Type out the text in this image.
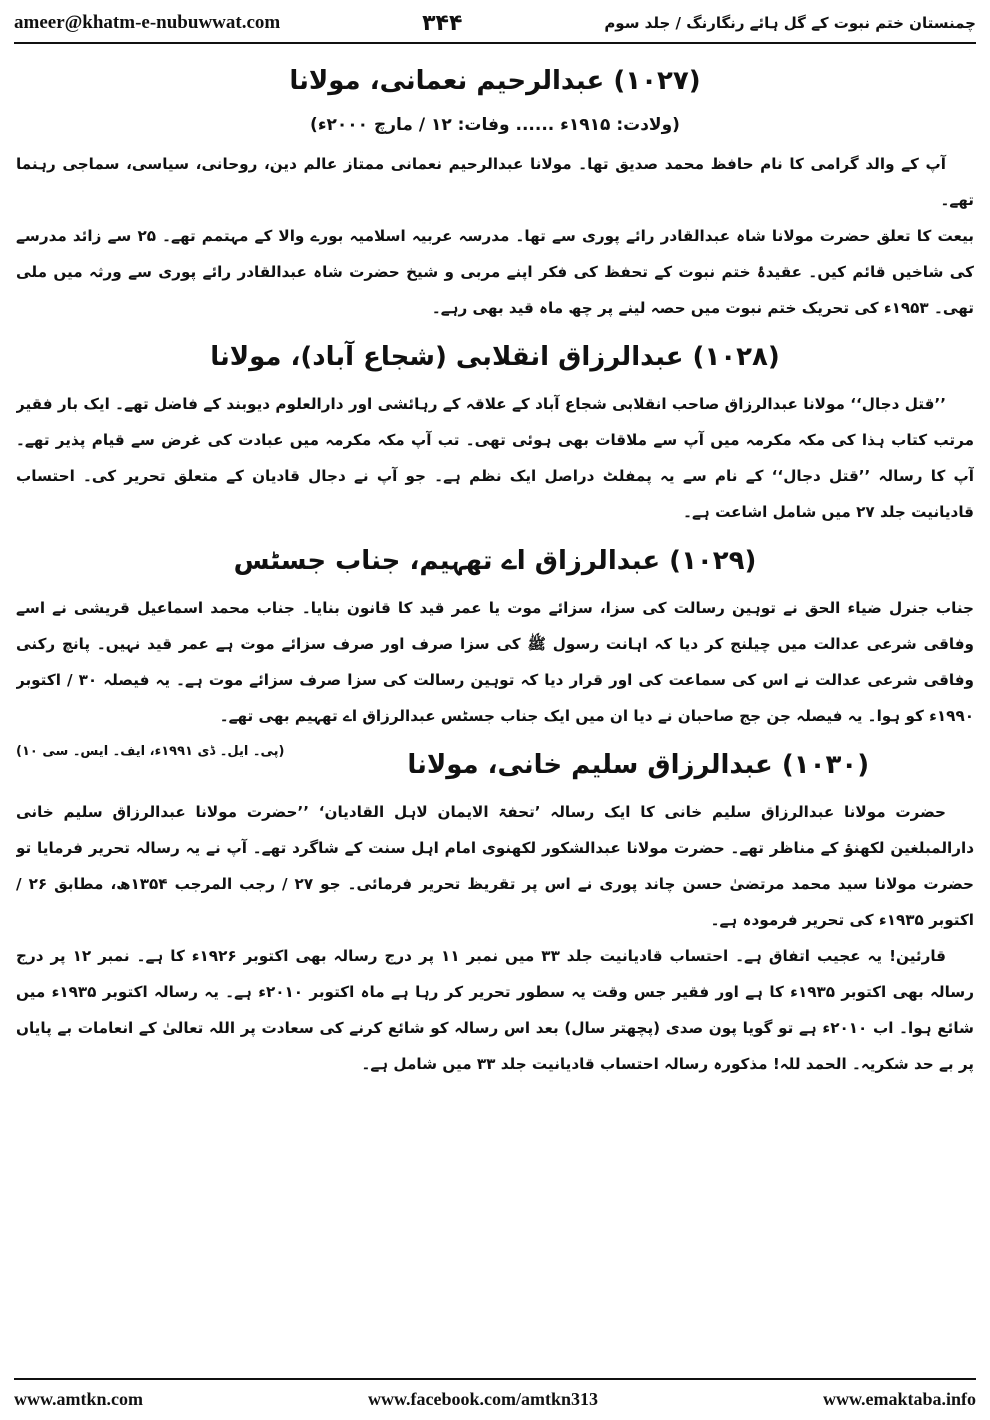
ameer@khatm-e-nubuwwat.com	۳۴۴	چمنستان ختم نبوت کے گل ہائے رنگارنگ / جلد سوم
(۱۰۲۷) عبدالرحیم نعمانی، مولانا
(ولادت: ۱۹۱۵ء ...... وفات: ۱۲ / مارچ ۲۰۰۰ء)

آپ کے والد گرامی کا نام حافظ محمد صدیق تھا۔ مولانا عبدالرحیم نعمانی ممتاز عالم دین، روحانی، سیاسی، سماجی رہنما تھے۔

بیعت کا تعلق حضرت مولانا شاہ عبدالقادر رائے پوری سے تھا۔ مدرسہ عربیہ اسلامیہ بورے والا کے مہتمم تھے۔ ۲۵ سے زائد مدرسے کی شاخیں قائم کیں۔ عقیدۂ ختم نبوت کے تحفظ کی فکر اپنے مربی و شیخ حضرت شاہ عبدالقادر رائے پوری سے ورثہ میں ملی تھی۔ ۱۹۵۳ء کی تحریک ختم نبوت میں حصہ لینے پر چھ ماہ قید بھی رہے۔

(۱۰۲۸) عبدالرزاق انقلابی (شجاع آباد)، مولانا

’’قتل دجال‘‘ مولانا عبدالرزاق صاحب انقلابی شجاع آباد کے علاقہ کے رہائشی اور دارالعلوم دیوبند کے فاضل تھے۔ ایک بار فقیر مرتب کتاب ہذا کی مکہ مکرمہ میں آپ سے ملاقات بھی ہوئی تھی۔ تب آپ مکہ مکرمہ میں عبادت کی غرض سے قیام پذیر تھے۔ آپ کا رسالہ ’’قتل دجال‘‘ کے نام سے یہ پمفلٹ دراصل ایک نظم ہے۔ جو آپ نے دجال قادیان کے متعلق تحریر کی۔ احتساب قادیانیت جلد ۲۷ میں شامل اشاعت ہے۔

(۱۰۲۹) عبدالرزاق اے تھہیم، جناب جسٹس

جناب جنرل ضیاء الحق نے توہین رسالت کی سزا، سزائے موت یا عمر قید کا قانون بنایا۔ جناب محمد اسماعیل قریشی نے اسے وفاقی شرعی عدالت میں چیلنج کر دیا کہ اہانت رسول ﷺ کی سزا صرف اور صرف سزائے موت ہے عمر قید نہیں۔ پانچ رکنی وفاقی شرعی عدالت نے اس کی سماعت کی اور قرار دیا کہ توہین رسالت کی سزا صرف سزائے موت ہے۔ یہ فیصلہ ۳۰ / اکتوبر ۱۹۹۰ء کو ہوا۔ یہ فیصلہ جن جج صاحبان نے دیا ان میں ایک جناب جسٹس عبدالرزاق اے تھہیم بھی تھے۔
(پی۔ ایل۔ ڈی ۱۹۹۱ء، ایف۔ ایس۔ سی ۱۰)	(۱۰۳۰) عبدالرزاق سلیم خانی، مولانا

حضرت مولانا عبدالرزاق سلیم خانی کا ایک رسالہ ’تحفۃ الایمان لاہل القادیان‘ ’’حضرت مولانا عبدالرزاق سلیم خانی دارالمبلغین لکھنؤ کے مناظر تھے۔ حضرت مولانا عبدالشکور لکھنوی امام اہل سنت کے شاگرد تھے۔ آپ نے یہ رسالہ تحریر فرمایا تو حضرت مولانا سید محمد مرتضیٰ حسن چاند پوری نے اس پر تقریظ تحریر فرمائی۔ جو ۲۷ / رجب المرجب ۱۳۵۴ھ، مطابق ۲۶ / اکتوبر ۱۹۳۵ء کی تحریر فرمودہ ہے۔

قارئین! یہ عجیب اتفاق ہے۔ احتساب قادیانیت جلد ۳۳ میں نمبر ۱۱ پر درج رسالہ بھی اکتوبر ۱۹۲۶ء کا ہے۔ نمبر ۱۲ پر درج رسالہ بھی اکتوبر ۱۹۳۵ء کا ہے اور فقیر جس وقت یہ سطور تحریر کر رہا ہے ماہ اکتوبر ۲۰۱۰ء ہے۔ یہ رسالہ اکتوبر ۱۹۳۵ء میں شائع ہوا۔ اب ۲۰۱۰ء ہے تو گویا پون صدی (پچھتر سال) بعد اس رسالہ کو شائع کرنے کی سعادت پر اللہ تعالیٰ کے انعامات بے پایاں پر بے حد شکریہ۔ الحمد للہ! مذکورہ رسالہ احتساب قادیانیت جلد ۳۳ میں شامل ہے۔

www.amtkn.com	www.facebook.com/amtkn313	www.emaktaba.info
